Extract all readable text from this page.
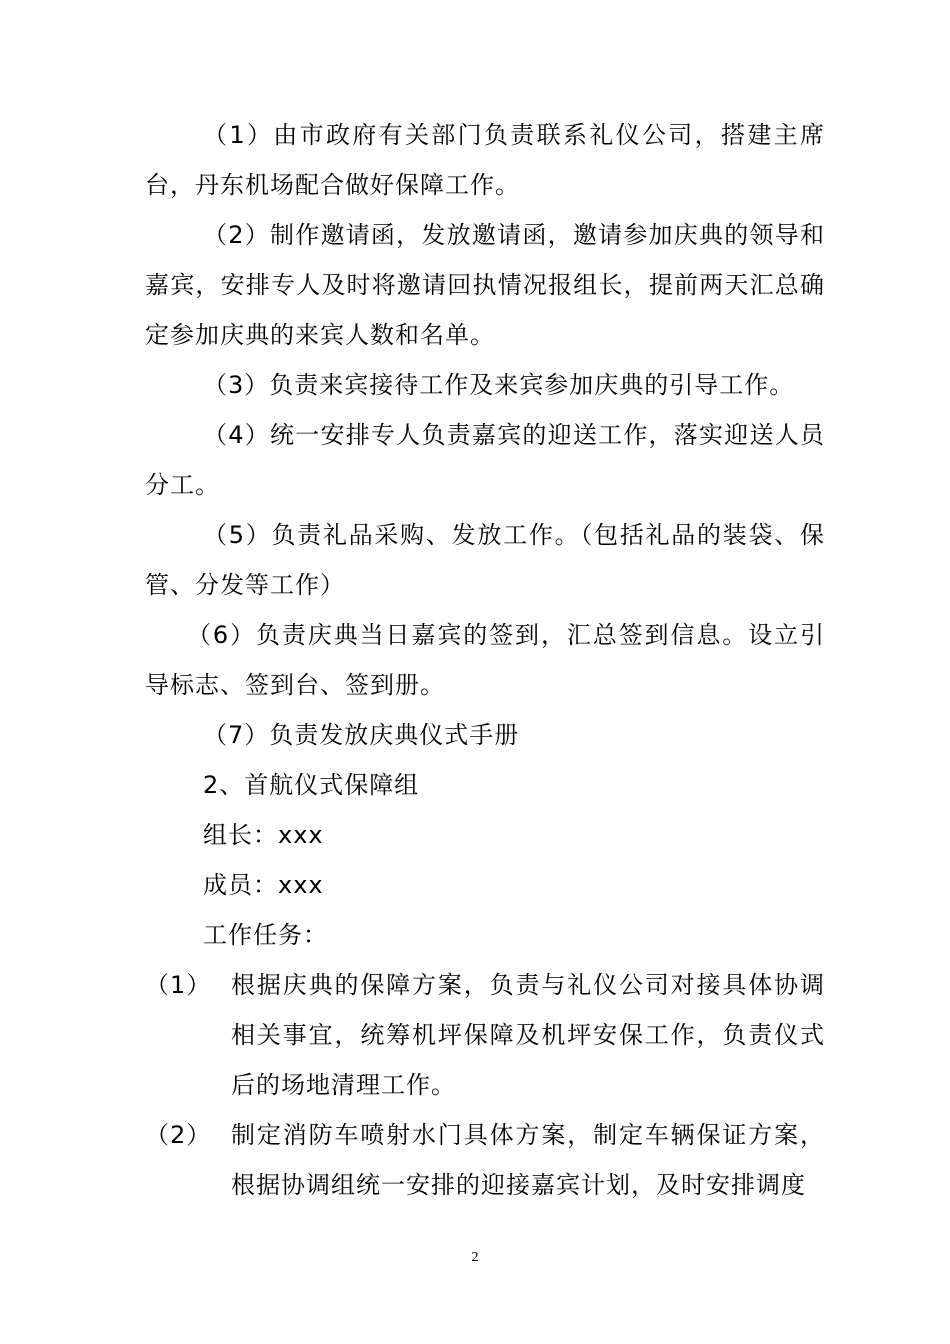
（1）由市政府有关部门负责联系礼仪公司，搭建主席台，丹东机场配合做好保障工作。

（2）制作邀请函，发放邀请函，邀请参加庆典的领导和嘉宾，安排专人及时将邀请回执情况报组长，提前两天汇总确定参加庆典的来宾人数和名单。

（3）负责来宾接待工作及来宾参加庆典的引导工作。

（4）统一安排专人负责嘉宾的迎送工作，落实迎送人员分工。

（5）负责礼品采购、发放工作。（包括礼品的装袋、保管、分发等工作）

（6）负责庆典当日嘉宾的签到，汇总签到信息。设立引导标志、签到台、签到册。

（7）负责发放庆典仪式手册

2、首航仪式保障组

组长：xxx

成员：xxx

工作任务：

（1） 根据庆典的保障方案，负责与礼仪公司对接具体协调相关事宜，统筹机坪保障及机坪安保工作，负责仪式后的场地清理工作。
（2） 制定消防车喷射水门具体方案，制定车辆保证方案，根据协调组统一安排的迎接嘉宾计划，及时安排调度
2
